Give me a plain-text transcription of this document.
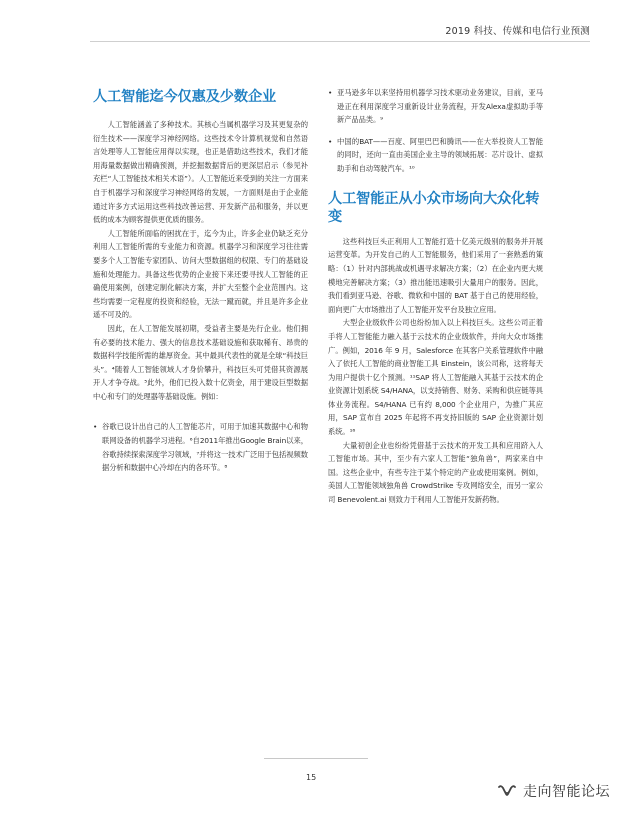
2019 科技、传媒和电信行业预测
人工智能迄今仅惠及少数企业

人工智能涵盖了多种技术。其核心当属机器学习及其更复杂的衍生技术——深度学习神经网络。这些技术令计算机视觉和自然语言处理等人工智能应用得以实现，也正是借助这些技术，我们才能用海量数据做出精确预测，并挖掘数据背后的更深层启示（参见补充栏“人工智能技术相关术语”）。人工智能近来受到的关注一方面来自于机器学习和深度学习神经网络的发展，一方面则是由于企业能通过许多方式运用这些科技改善运营、开发新产品和服务，并以更低的成本为顾客提供更优质的服务。

人工智能所面临的困扰在于，迄今为止，许多企业仍缺乏充分利用人工智能所需的专业能力和资源。机器学习和深度学习往往需要多个人工智能专家团队、访问大型数据组的权限、专门的基础设施和处理能力。具备这些优势的企业接下来还要寻找人工智能的正确使用案例，创建定制化解决方案，并扩大至整个企业范围内。这些均需要一定程度的投资和经验，无法一蹴而就，并且是许多企业遥不可及的。

因此，在人工智能发展初期，受益者主要是先行企业。他们拥有必要的技术能力、强大的信息技术基础设施和获取稀有、昂贵的数据科学技能所需的雄厚资金。其中最具代表性的就是全球“科技巨头”。⁴随着人工智能领域人才身价攀升，科技巨头可凭借其资源展开人才争夺战。⁵此外，他们已投入数十亿资金，用于建设巨型数据中心和专门的处理器等基础设施。例如：

• 谷歌已设计出自己的人工智能芯片，可用于加速其数据中心和物联网设备的机器学习进程。⁶自2011年推出Google Brain以来，谷歌持续探索深度学习领域，⁷并将这一技术广泛用于包括视频数据分析和数据中心冷却在内的各环节。⁸
• 亚马逊多年以来坚持用机器学习技术驱动业务建议，目前，亚马逊正在利用深度学习重新设计业务流程，开发Alexa虚拟助手等新产品品类。⁹
• 中国的BAT——百度、阿里巴巴和腾讯——在大举投资人工智能的同时，还向一直由美国企业主导的领域拓展：芯片设计、虚拟助手和自动驾驶汽车。¹⁰
人工智能正从小众市场向大众化转变

这些科技巨头正利用人工智能打造十亿美元级别的服务并开展运营变革。为开发自己的人工智能服务，他们采用了一套熟悉的策略：（1）针对内部挑战或机遇寻求解决方案；（2）在企业内更大规模地完善解决方案；（3）推出能迅速吸引大量用户的服务。因此，我们看到亚马逊、谷歌、微软和中国的 BAT 基于自己的使用经验，面向更广大市场推出了人工智能开发平台及独立应用。

大型企业级软件公司也纷纷加入以上科技巨头。这些公司正着手将人工智能能力融入基于云技术的企业级软件，并向大众市场推广。例如，2016 年 9 月，Salesforce 在其客户关系管理软件中融入了依托人工智能的商业智能工具 Einstein，该公司称，这将每天为用户提供十亿个预测。¹¹SAP 将人工智能融入其基于云技术的企业资源计划系统 S4/HANA，以支持销售、财务、采购和供应链等具体业务流程。S4/HANA 已有约 8,000 个企业用户，为推广其应用，SAP 宣布自 2025 年起将不再支持旧版的 SAP 企业资源计划系统。¹⁶

大量初创企业也纷纷凭借基于云技术的开发工具和应用跻入人工智能市场。其中，至少有六家人工智能“独角兽”，两家来自中国。这些企业中，有些专注于某个特定的产业或使用案例。例如，美国人工智能领域独角兽 CrowdStrike 专攻网络安全，而另一家公司 Benevolent.ai 则致力于利用人工智能开发新药物。

15
走向智能论坛
